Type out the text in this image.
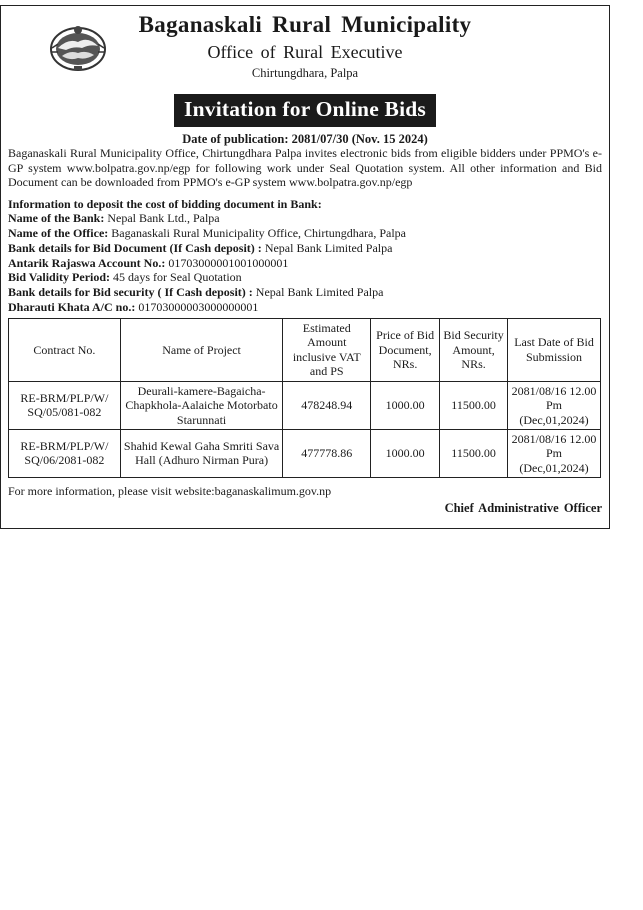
Baganaskali Rural Municipality
Office of Rural Executive
Chirtungdhara, Palpa
Invitation for Online Bids
Date of publication: 2081/07/30 (Nov. 15 2024)

Baganaskali Rural Municipality Office, Chirtungdhara Palpa invites electronic bids from eligible bidders under PPMO's e-GP system www.bolpatra.gov.np/egp for following work under Seal Quotation system. All other information and Bid Document can be downloaded from PPMO's e-GP system www.bolpatra.gov.np/egp

Information to deposit the cost of bidding document in Bank:
Name of the Bank: Nepal Bank Ltd., Palpa
Name of the Office: Baganaskali Rural Municipality Office, Chirtungdhara, Palpa
Bank details for Bid Document (If Cash deposit) : Nepal Bank Limited Palpa
Antarik Rajaswa Account No.: 01703000001001000001
Bid Validity Period: 45 days for Seal Quotation
Bank details for Bid security ( If Cash deposit) : Nepal Bank Limited Palpa
Dharauti Khata A/C no.: 01703000003000000001
Contract No.	Name of Project	Estimated Amount inclusive VAT and PS	Price of Bid Document, NRs.	Bid Security Amount, NRs.	Last Date of Bid Submission
RE-BRM/PLP/W/ SQ/05/081-082	Deurali-kamere-Bagaicha-Chapkhola-Aalaiche Motorbato Starunnati	478248.94	1000.00	11500.00	2081/08/16 12.00 Pm (Dec,01,2024)
RE-BRM/PLP/W/ SQ/06/2081-082	Shahid Kewal Gaha Smriti Sava Hall (Adhuro Nirman Pura)	477778.86	1000.00	11500.00	2081/08/16 12.00 Pm (Dec,01,2024)
For more information, please visit website:baganaskalimum.gov.np
Chief Administrative Officer
